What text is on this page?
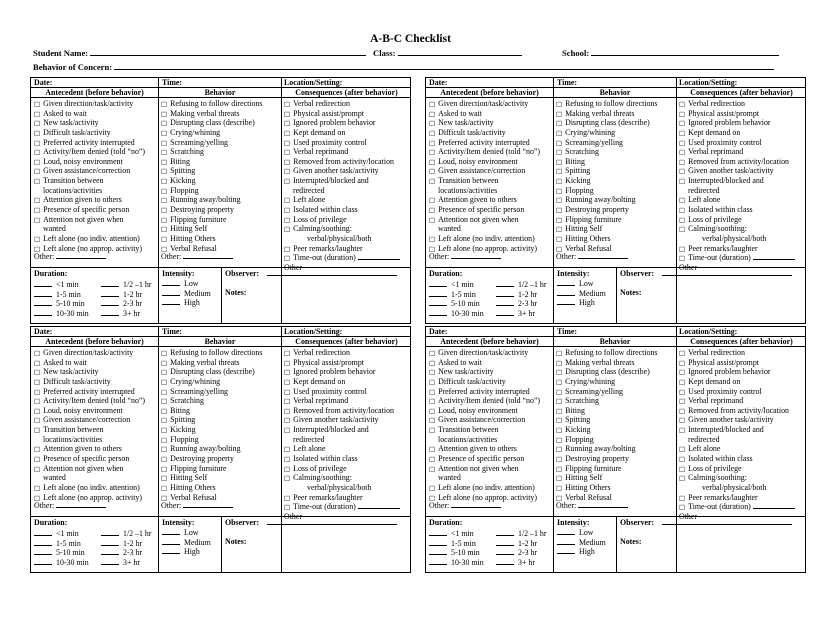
A-B-C Checklist
Student Name:	Class:	School:
Behavior of Concern:
Date:	Time:	Location/Setting:
Antecedent (before behavior)	Behavior	Consequences (after behavior)
□ Given direction/task/activity
□ Asked to wait
□ New task/activity
□ Difficult task/activity
□ Preferred activity interrupted
□ Activity/Item denied (told “no”)
□ Loud, noisy environment
□ Given assistance/correction
□ Transition between
locations/activities
□ Attention given to others
□ Presence of specific person
□ Attention not given when
wanted
□ Left alone (no indiv. attention)
□ Left alone (no approp. activity)
□ Refusing to follow directions
□ Making verbal threats
□ Disrupting class (describe)
□ Crying/whining
□ Screaming/yelling
□ Scratching
□ Biting
□ Spitting
□ Kicking
□ Flopping
□ Running away/bolting
□ Destroying property
□ Flipping furniture
□ Hitting Self
□ Hitting Others
□ Verbal Refusal
□ Verbal redirection
□ Physical assist/prompt
□ Ignored problem behavior
□ Kept demand on
□ Used proximity control
□ Verbal reprimand
□ Removed from activity/location
□ Given another task/activity
□ Interrupted/blocked and
redirected
□ Left alone
□ Isolated within class
□ Loss of privilege
□ Calming/soothing:
verbal/physical/both
□ Peer remarks/laughter
□ Time-out (duration)
Other
Other:	Other:
Duration:
<1 min
1-5 min
5-10 min
10-30 min
1/2 –1 hr
1-2 hr
2-3 hr
3+ hr
Intensity:
Low
Medium
High
Observer:
Notes:
Date:	Time:	Location/Setting:
Antecedent (before behavior)	Behavior	Consequences (after behavior)
□ Given direction/task/activity
□ Asked to wait
□ New task/activity
□ Difficult task/activity
□ Preferred activity interrupted
□ Activity/Item denied (told “no”)
□ Loud, noisy environment
□ Given assistance/correction
□ Transition between
locations/activities
□ Attention given to others
□ Presence of specific person
□ Attention not given when
wanted
□ Left alone (no indiv. attention)
□ Left alone (no approp. activity)
□ Refusing to follow directions
□ Making verbal threats
□ Disrupting class (describe)
□ Crying/whining
□ Screaming/yelling
□ Scratching
□ Biting
□ Spitting
□ Kicking
□ Flopping
□ Running away/bolting
□ Destroying property
□ Flipping furniture
□ Hitting Self
□ Hitting Others
□ Verbal Refusal
□ Verbal redirection
□ Physical assist/prompt
□ Ignored problem behavior
□ Kept demand on
□ Used proximity control
□ Verbal reprimand
□ Removed from activity/location
□ Given another task/activity
□ Interrupted/blocked and
redirected
□ Left alone
□ Isolated within class
□ Loss of privilege
□ Calming/soothing:
verbal/physical/both
□ Peer remarks/laughter
□ Time-out (duration)
Other
Other:	Other:
Duration:
<1 min
1-5 min
5-10 min
10-30 min
1/2 –1 hr
1-2 hr
2-3 hr
3+ hr
Intensity:
Low
Medium
High
Observer:
Notes:
Date:	Time:	Location/Setting:
Antecedent (before behavior)	Behavior	Consequences (after behavior)
□ Given direction/task/activity
□ Asked to wait
□ New task/activity
□ Difficult task/activity
□ Preferred activity interrupted
□ Activity/Item denied (told “no”)
□ Loud, noisy environment
□ Given assistance/correction
□ Transition between
locations/activities
□ Attention given to others
□ Presence of specific person
□ Attention not given when
wanted
□ Left alone (no indiv. attention)
□ Left alone (no approp. activity)
□ Refusing to follow directions
□ Making verbal threats
□ Disrupting class (describe)
□ Crying/whining
□ Screaming/yelling
□ Scratching
□ Biting
□ Spitting
□ Kicking
□ Flopping
□ Running away/bolting
□ Destroying property
□ Flipping furniture
□ Hitting Self
□ Hitting Others
□ Verbal Refusal
□ Verbal redirection
□ Physical assist/prompt
□ Ignored problem behavior
□ Kept demand on
□ Used proximity control
□ Verbal reprimand
□ Removed from activity/location
□ Given another task/activity
□ Interrupted/blocked and
redirected
□ Left alone
□ Isolated within class
□ Loss of privilege
□ Calming/soothing:
verbal/physical/both
□ Peer remarks/laughter
□ Time-out (duration)
Other
Other:	Other:
Duration:
<1 min
1-5 min
5-10 min
10-30 min
1/2 –1 hr
1-2 hr
2-3 hr
3+ hr
Intensity:
Low
Medium
High
Observer:
Notes:
Date:	Time:	Location/Setting:
Antecedent (before behavior)	Behavior	Consequences (after behavior)
□ Given direction/task/activity
□ Asked to wait
□ New task/activity
□ Difficult task/activity
□ Preferred activity interrupted
□ Activity/Item denied (told “no”)
□ Loud, noisy environment
□ Given assistance/correction
□ Transition between
locations/activities
□ Attention given to others
□ Presence of specific person
□ Attention not given when
wanted
□ Left alone (no indiv. attention)
□ Left alone (no approp. activity)
□ Refusing to follow directions
□ Making verbal threats
□ Disrupting class (describe)
□ Crying/whining
□ Screaming/yelling
□ Scratching
□ Biting
□ Spitting
□ Kicking
□ Flopping
□ Running away/bolting
□ Destroying property
□ Flipping furniture
□ Hitting Self
□ Hitting Others
□ Verbal Refusal
□ Verbal redirection
□ Physical assist/prompt
□ Ignored problem behavior
□ Kept demand on
□ Used proximity control
□ Verbal reprimand
□ Removed from activity/location
□ Given another task/activity
□ Interrupted/blocked and
redirected
□ Left alone
□ Isolated within class
□ Loss of privilege
□ Calming/soothing:
verbal/physical/both
□ Peer remarks/laughter
□ Time-out (duration)
Other
Other:	Other:
Duration:
<1 min
1-5 min
5-10 min
10-30 min
1/2 –1 hr
1-2 hr
2-3 hr
3+ hr
Intensity:
Low
Medium
High
Observer:
Notes:
